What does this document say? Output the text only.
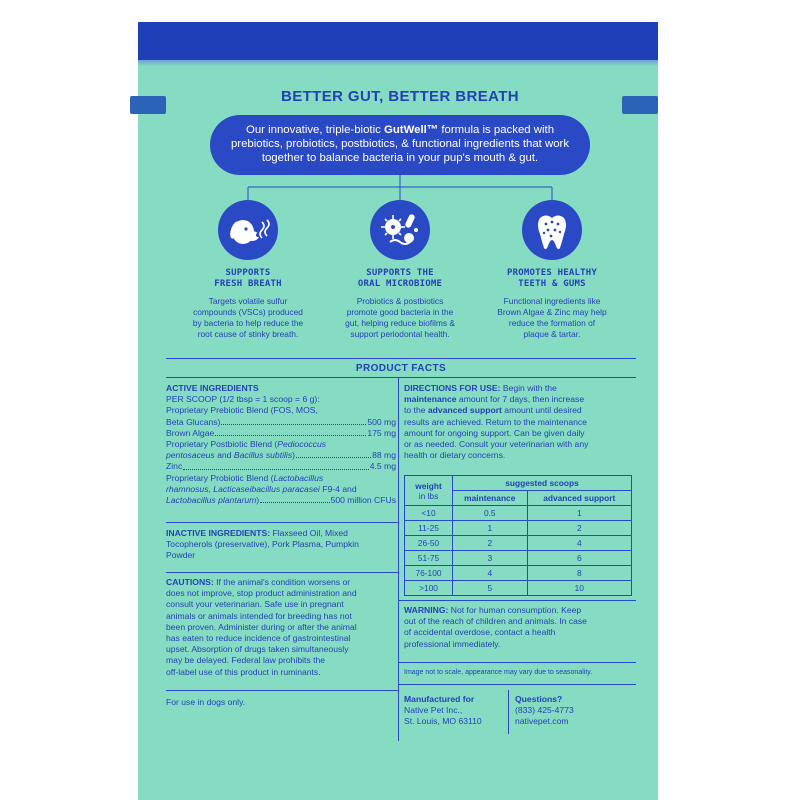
BETTER GUT, BETTER BREATH
Our innovative, triple-biotic GutWell™ formula is packed with
prebiotics, probiotics, postbiotics, & functional ingredients that work
together to balance bacteria in your pup's mouth & gut.
SUPPORTS
FRESH BREATH
Targets volatile sulfur
compounds (VSCs) produced
by bacteria to help reduce the
root cause of stinky breath.
SUPPORTS THE
ORAL MICROBIOME
Probiotics & postbiotics
promote good bacteria in the
gut, helping reduce biofilms &
support periodontal health.
PROMOTES HEALTHY
TEETH & GUMS
Functional ingredients like
Brown Algae & Zinc may help
reduce the formation of
plaque & tartar.
PRODUCT FACTS
ACTIVE INGREDIENTS
PER SCOOP (1/2 tbsp = 1 scoop = 6 g):
Proprietary Prebiotic Blend (FOS, MOS,
Beta Glucans)	500 mg
Brown Algae	175 mg
Proprietary Postbiotic Blend (Pediococcus
pentosaceus and Bacillus subtilis)	88 mg
Zinc	4.5 mg
Proprietary Probiotic Blend (Lactobacillus
rhamnosus, Lacticaseibacillus paracasei F9-4 and
Lactobacillus plantarum)	500 million CFUs
INACTIVE INGREDIENTS: Flaxseed Oil, Mixed
Tocopherols (preservative), Pork Plasma, Pumpkin
Powder
CAUTIONS: If the animal's condition worsens or
does not improve, stop product administration and
consult your veterinarian. Safe use in pregnant
animals or animals intended for breeding has not
been proven. Administer during or after the animal
has eaten to reduce incidence of gastrointestinal
upset. Absorption of drugs taken simultaneously
may be delayed. Federal law prohibits the
off-label use of this product in ruminants.
For use in dogs only.
DIRECTIONS FOR USE: Begin with the
maintenance amount for 7 days, then increase
to the advanced support amount until desired
results are achieved. Return to the maintenance
amount for ongoing support. Can be given daily
or as needed. Consult your veterinarian with any
health or dietary concerns.
weight
in lbs	suggested scoops	
	maintenance	advanced support
<10	0.5	1
11-25	1	2
26-50	2	4
51-75	3	6
76-100	4	8
>100	5	10
WARNING: Not for human consumption. Keep
out of the reach of children and animals. In case
of accidental overdose, contact a health
professional immediately.
Image not to scale, appearance may vary due to seasonality.
Manufactured for
Native Pet Inc.,
St. Louis, MO 63110
Questions?
(833) 425-4773
nativepet.com
